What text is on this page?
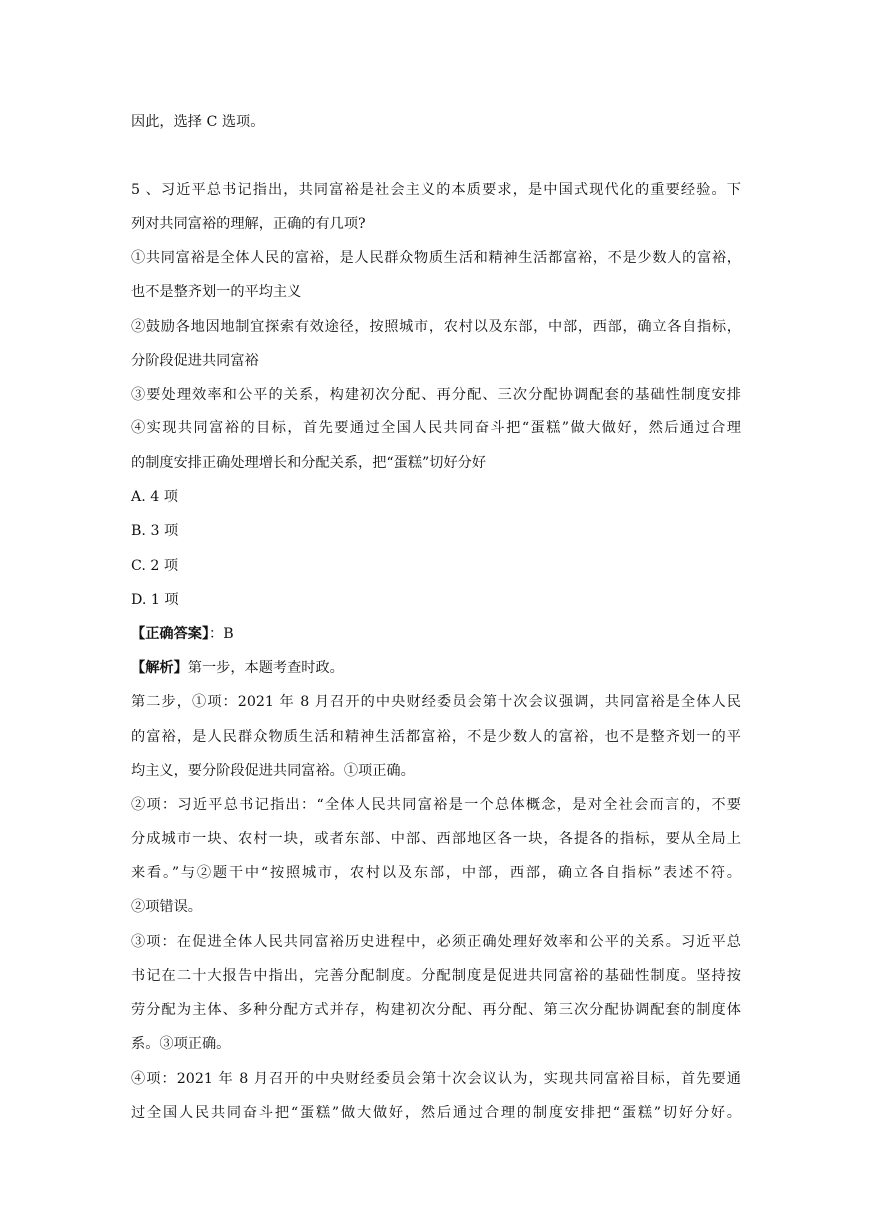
因此，选择 C 选项。
5 、习近平总书记指出，共同富裕是社会主义的本质要求，是中国式现代化的重要经验。下
列对共同富裕的理解，正确的有几项?
①共同富裕是全体人民的富裕，是人民群众物质生活和精神生活都富裕，不是少数人的富裕，
也不是整齐划一的平均主义
②鼓励各地因地制宜探索有效途径，按照城市，农村以及东部，中部，西部，确立各自指标，
分阶段促进共同富裕
③要处理效率和公平的关系，构建初次分配、再分配、三次分配协调配套的基础性制度安排
④实现共同富裕的目标，首先要通过全国人民共同奋斗把“蛋糕”做大做好，然后通过合理
的制度安排正确处理增长和分配关系，把“蛋糕”切好分好
A. 4 项
B. 3 项
C. 2 项
D. 1 项
【正确答案】：B
【解析】第一步，本题考查时政。
第二步，①项：2021 年 8 月召开的中央财经委员会第十次会议强调，共同富裕是全体人民
的富裕，是人民群众物质生活和精神生活都富裕，不是少数人的富裕，也不是整齐划一的平
均主义，要分阶段促进共同富裕。①项正确。
②项：习近平总书记指出：“全体人民共同富裕是一个总体概念，是对全社会而言的，不要
分成城市一块、农村一块，或者东部、中部、西部地区各一块，各提各的指标，要从全局上
来看。”与②题干中“按照城市，农村以及东部，中部，西部，确立各自指标”表述不符。
②项错误。
③项：在促进全体人民共同富裕历史进程中，必须正确处理好效率和公平的关系。习近平总
书记在二十大报告中指出，完善分配制度。分配制度是促进共同富裕的基础性制度。坚持按
劳分配为主体、多种分配方式并存，构建初次分配、再分配、第三次分配协调配套的制度体
系。③项正确。
④项：2021 年 8 月召开的中央财经委员会第十次会议认为，实现共同富裕目标，首先要通
过全国人民共同奋斗把“蛋糕”做大做好，然后通过合理的制度安排把“蛋糕”切好分好。
